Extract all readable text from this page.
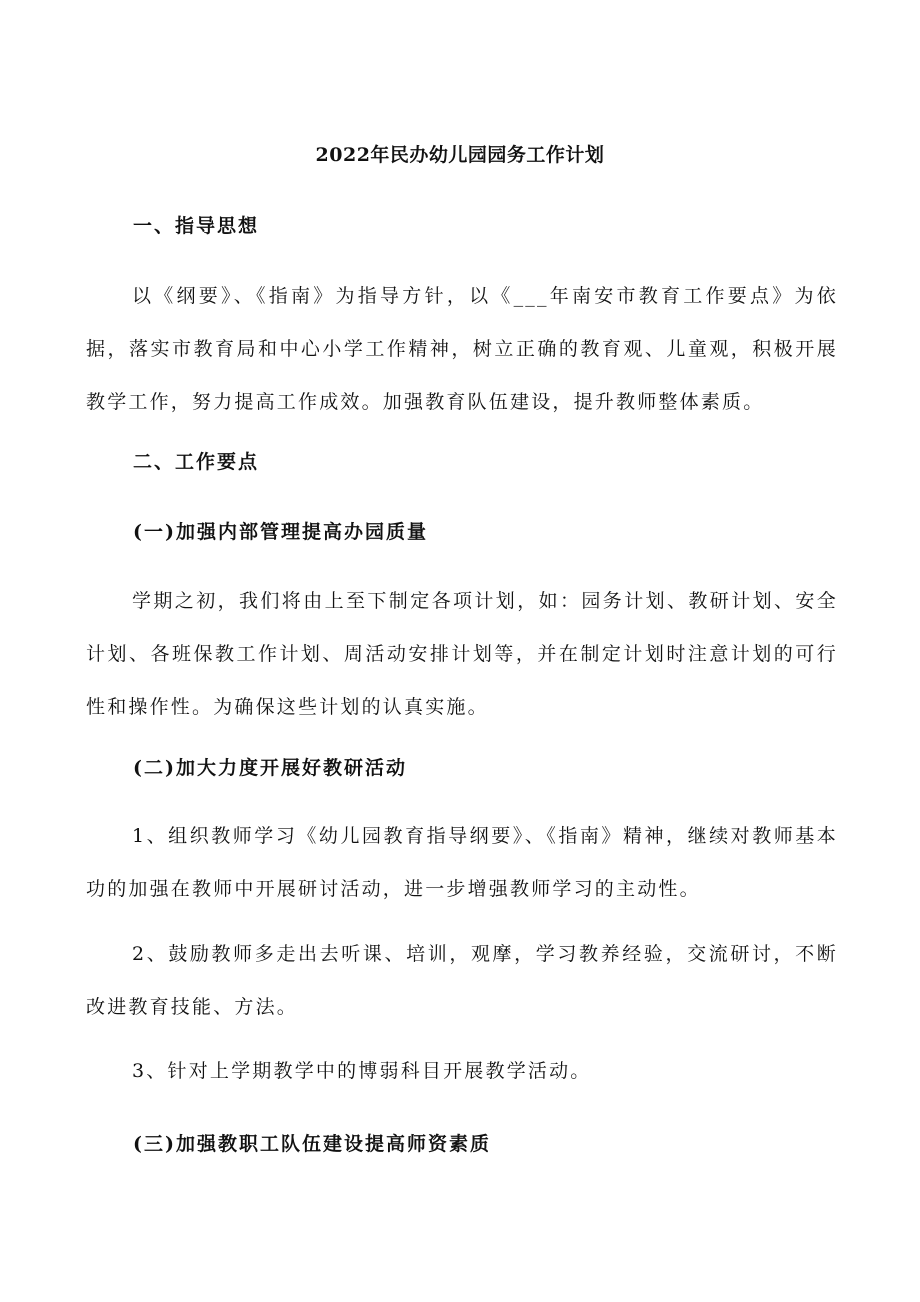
2022年民办幼儿园园务工作计划
一、指导思想

以《纲要》、《指南》为指导方针，以《___年南安市教育工作要点》为依据，落实市教育局和中心小学工作精神，树立正确的教育观、儿童观，积极开展教学工作，努力提高工作成效。加强教育队伍建设，提升教师整体素质。

二、工作要点
(一)加强内部管理提高办园质量

学期之初，我们将由上至下制定各项计划，如：园务计划、教研计划、安全计划、各班保教工作计划、周活动安排计划等，并在制定计划时注意计划的可行性和操作性。为确保这些计划的认真实施。

(二)加大力度开展好教研活动

1、组织教师学习《幼儿园教育指导纲要》、《指南》精神，继续对教师基本功的加强在教师中开展研讨活动，进一步增强教师学习的主动性。

2、鼓励教师多走出去听课、培训，观摩，学习教养经验，交流研讨，不断改进教育技能、方法。

3、针对上学期教学中的博弱科目开展教学活动。

(三)加强教职工队伍建设提高师资素质
